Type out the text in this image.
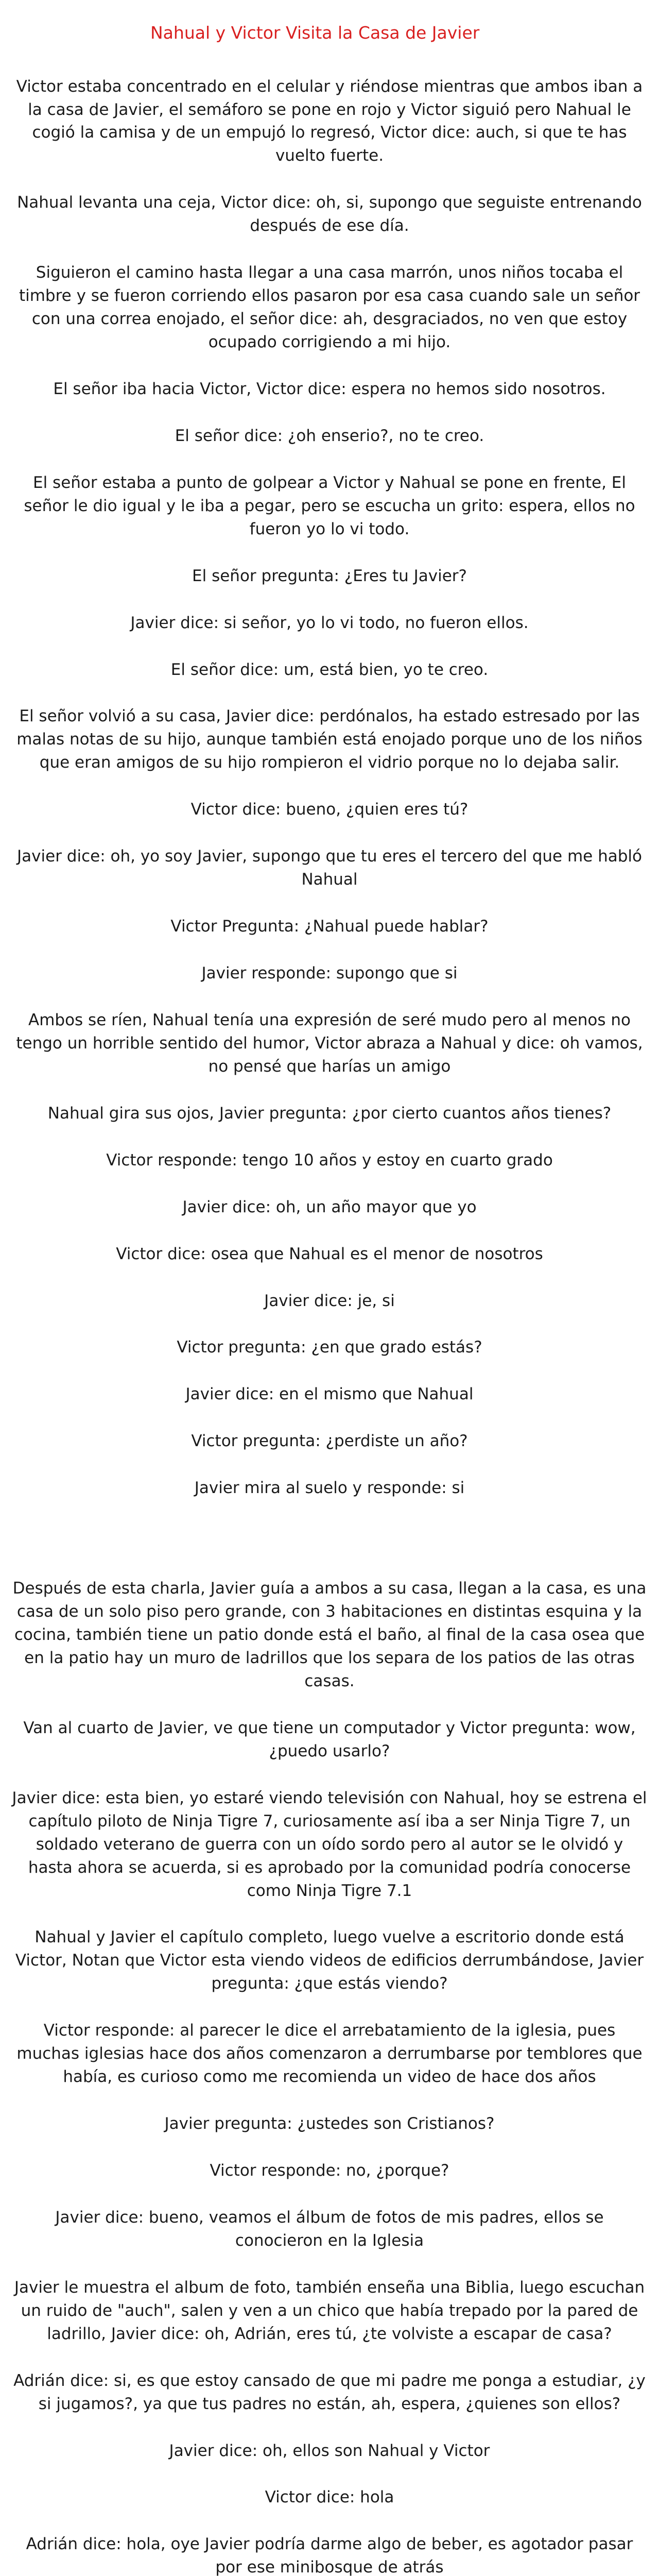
Nahual y Victor Visita la Casa de Javier

Victor estaba concentrado en el celular y riéndose mientras que ambos iban a la casa de Javier, el semáforo se pone en rojo y Victor siguió pero Nahual le cogió la camisa y de un empujó lo regresó, Victor dice: auch, si que te has vuelto fuerte.

Nahual levanta una ceja, Victor dice: oh, si, supongo que seguiste entrenando después de ese día.

Siguieron el camino hasta llegar a una casa marrón, unos niños tocaba el timbre y se fueron corriendo ellos pasaron por esa casa cuando sale un señor con una correa enojado, el señor dice: ah, desgraciados, no ven que estoy ocupado corrigiendo a mi hijo.

El señor iba hacia Victor, Victor dice: espera no hemos sido nosotros.

El señor dice: ¿oh enserio?, no te creo.

El señor estaba a punto de golpear a Victor y Nahual se pone en frente, El señor le dio igual y le iba a pegar, pero se escucha un grito: espera, ellos no fueron yo lo vi todo.

El señor pregunta: ¿Eres tu Javier?

Javier dice: si señor, yo lo vi todo, no fueron ellos.

El señor dice: um, está bien, yo te creo.

El señor volvió a su casa, Javier dice: perdónalos, ha estado estresado por las malas notas de su hijo, aunque también está enojado porque uno de los niños que eran amigos de su hijo rompieron el vidrio porque no lo dejaba salir.

Victor dice: bueno, ¿quien eres tú?

Javier dice: oh, yo soy Javier, supongo que tu eres el tercero del que me habló Nahual

Victor Pregunta: ¿Nahual puede hablar?

Javier responde: supongo que si

Ambos se ríen, Nahual tenía una expresión de seré mudo pero al menos no tengo un horrible sentido del humor, Victor abraza a Nahual y dice: oh vamos, no pensé que harías un amigo

Nahual gira sus ojos, Javier pregunta: ¿por cierto cuantos años tienes?

Victor responde: tengo 10 años y estoy en cuarto grado

Javier dice: oh, un año mayor que yo

Victor dice: osea que Nahual es el menor de nosotros

Javier dice: je, si

Victor pregunta: ¿en que grado estás?

Javier dice: en el mismo que Nahual

Victor pregunta: ¿perdiste un año?

Javier mira al suelo y responde: si

Después de esta charla, Javier guía a ambos a su casa, llegan a la casa, es una casa de un solo piso pero grande, con 3 habitaciones en distintas esquina y la cocina, también tiene un patio donde está el baño, al final de la casa osea que en la patio hay un muro de ladrillos que los separa de los patios de las otras casas.

Van al cuarto de Javier, ve que tiene un computador y Victor pregunta: wow, ¿puedo usarlo?

Javier dice: esta bien, yo estaré viendo televisión con Nahual, hoy se estrena el capítulo piloto de Ninja Tigre 7, curiosamente así iba a ser Ninja Tigre 7, un soldado veterano de guerra con un oído sordo pero al autor se le olvidó y hasta ahora se acuerda, si es aprobado por la comunidad podría conocerse como Ninja Tigre 7.1

Nahual y Javier el capítulo completo, luego vuelve a escritorio donde está Victor, Notan que Victor esta viendo videos de edificios derrumbándose, Javier pregunta: ¿que estás viendo?

Victor responde: al parecer le dice el arrebatamiento de la iglesia, pues muchas iglesias hace dos años comenzaron a derrumbarse por temblores que había, es curioso como me recomienda un video de hace dos años

Javier pregunta: ¿ustedes son Cristianos?

Victor responde: no, ¿porque?

Javier dice: bueno, veamos el álbum de fotos de mis padres, ellos se conocieron en la Iglesia

Javier le muestra el album de foto, también enseña una Biblia, luego escuchan un ruido de "auch", salen y ven a un chico que había trepado por la pared de ladrillo, Javier dice: oh, Adrián, eres tú, ¿te volviste a escapar de casa?

Adrián dice: si, es que estoy cansado de que mi padre me ponga a estudiar, ¿y si jugamos?, ya que tus padres no están, ah, espera, ¿quienes son ellos?

Javier dice: oh, ellos son Nahual y Victor

Victor dice: hola

Adrián dice: hola, oye Javier podría darme algo de beber, es agotador pasar por ese minibosque de atrás
